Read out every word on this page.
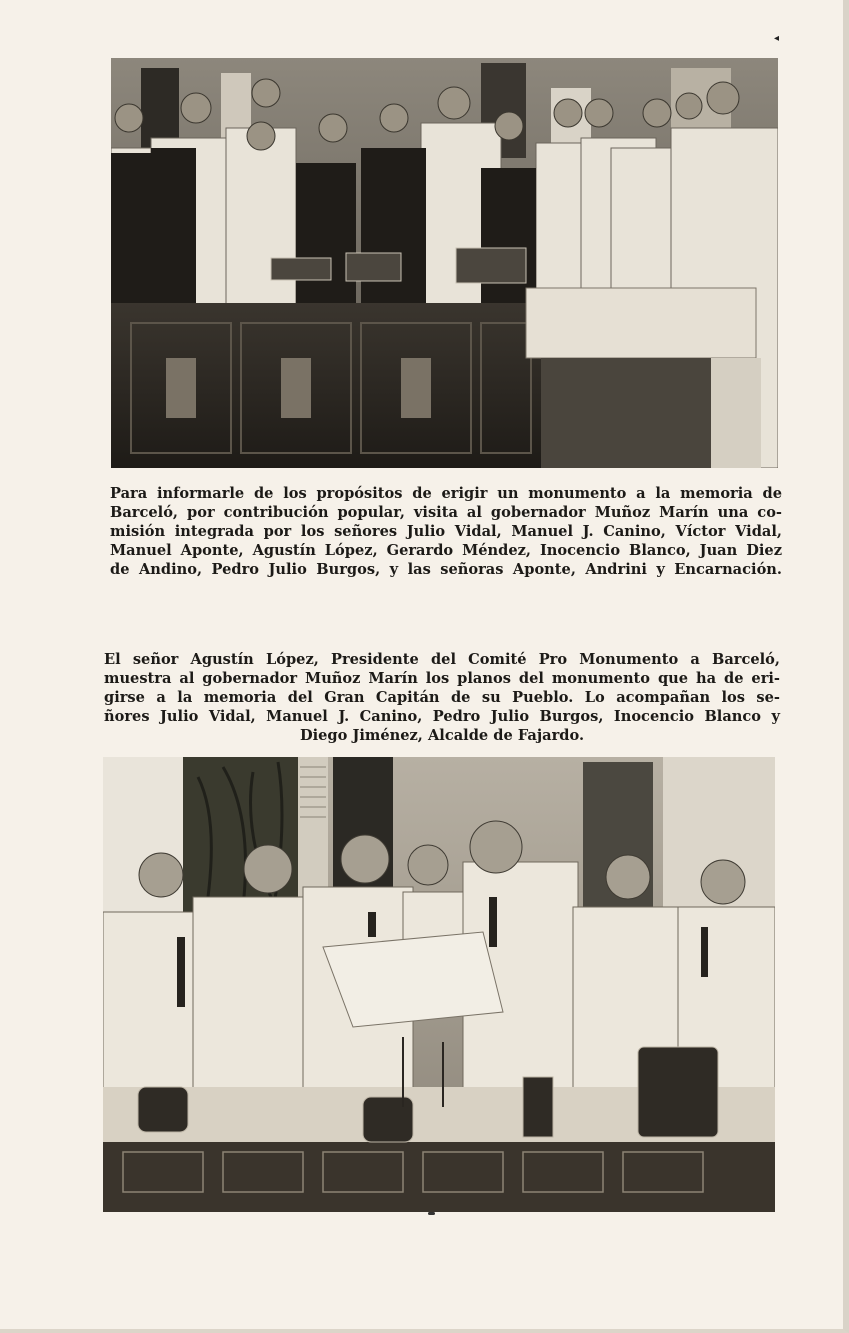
◂
Para informarle de los propósitos de erigir un monumento a la memoria de
Barceló, por contribución popular, visita al gobernador Muñoz Marín una co-
misión integrada por los señores Julio Vidal, Manuel J. Canino, Víctor Vidal,
Manuel Aponte, Agustín López, Gerardo Méndez, Inocencio Blanco, Juan Diez
de Andino, Pedro Julio Burgos, y las señoras Aponte, Andrini y Encarnación.
El señor Agustín López, Presidente del Comité Pro Monumento a Barceló,
muestra al gobernador Muñoz Marín los planos del monumento que ha de eri-
girse a la memoria del Gran Capitán de su Pueblo. Lo acompañan los se-
ñores Julio Vidal, Manuel J. Canino, Pedro Julio Burgos, Inocencio Blanco y
Diego Jiménez, Alcalde de Fajardo.
